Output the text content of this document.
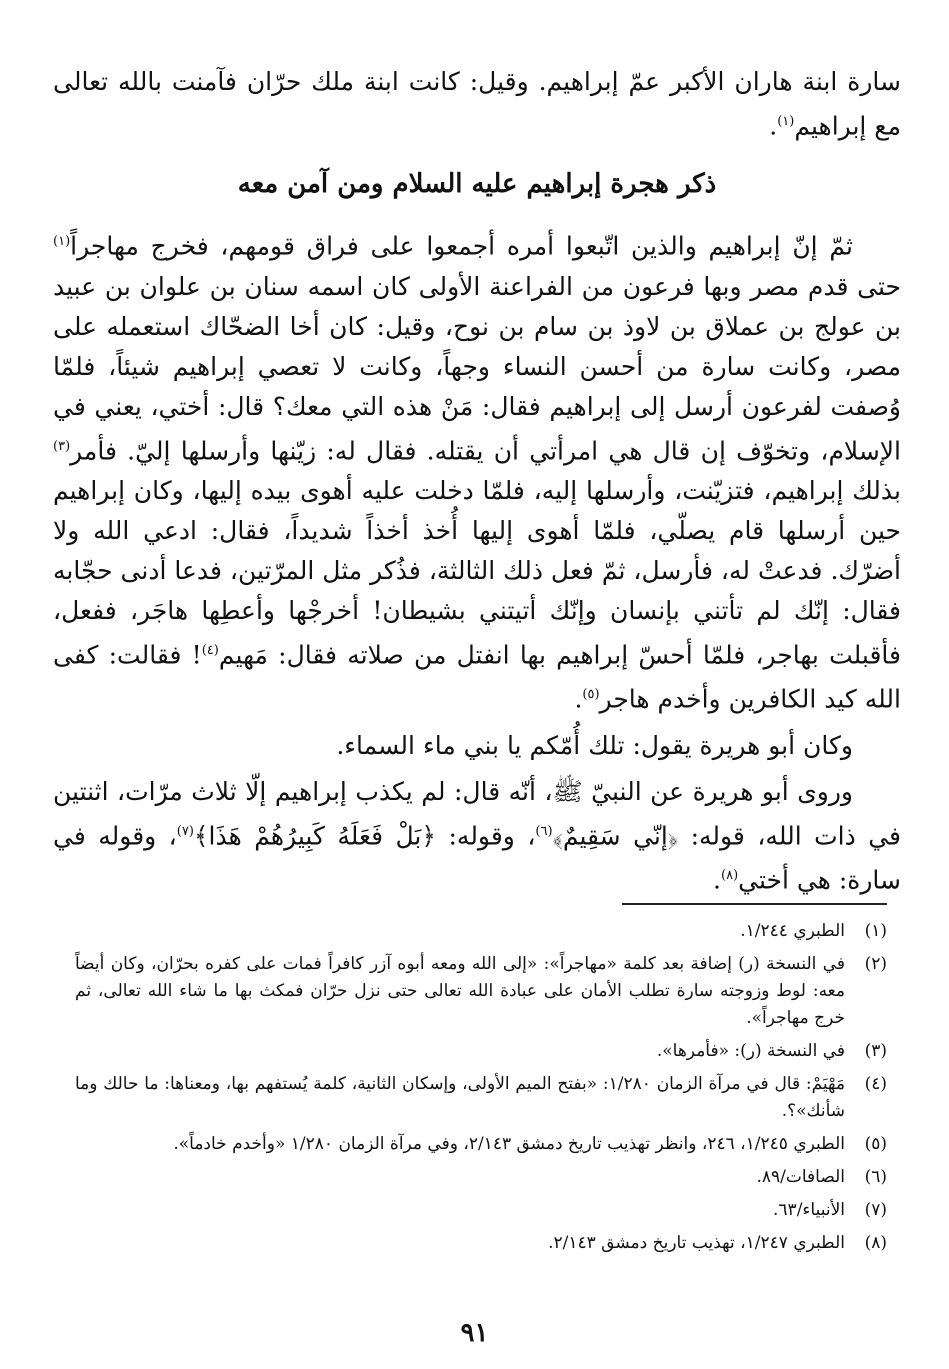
سارة ابنة هاران الأكبر عمّ إبراهيم. وقيل: كانت ابنة ملك حرّان فآمنت بالله تعالى مع إبراهيم$^{(١)}$.

ذكر هجرة إبراهيم عليه السلام ومن آمن معه

ثمّ إنّ إبراهيم والذين اتّبعوا أمره أجمعوا على فراق قومهم، فخرج مهاجراً$^{(١)}$ حتى قدم مصر وبها فرعون من الفراعنة الأولى كان اسمه سنان بن علوان بن عبيد بن عولج بن عملاق بن لاوذ بن سام بن نوح، وقيل: كان أخا الضحّاك استعمله على مصر، وكانت سارة من أحسن النساء وجهاً، وكانت لا تعصي إبراهيم شيئاً، فلمّا وُصفت لفرعون أرسل إلى إبراهيم فقال: مَنْ هذه التي معك؟ قال: أختي، يعني في الإسلام، وتخوّف إن قال هي امرأتي أن يقتله. فقال له: زيّنها وأرسلها إليّ. فأمر$^{(٣)}$ بذلك إبراهيم، فتزيّنت، وأرسلها إليه، فلمّا دخلت عليه أهوى بيده إليها، وكان إبراهيم حين أرسلها قام يصلّي، فلمّا أهوى إليها أُخذ أخذاً شديداً، فقال: ادعي الله ولا أضرّك. فدعتْ له، فأرسل، ثمّ فعل ذلك الثالثة، فذُكر مثل المرّتين، فدعا أدنى حجّابه فقال: إنّك لم تأتني بإنسان وإنّك أتيتني بشيطان! أخرجْها وأعطِها هاجَر، ففعل، فأقبلت بهاجر، فلمّا أحسّ إبراهيم بها انفتل من صلاته فقال: مَهيم$^{(٤)}$! فقالت: كفى الله كيد الكافرين وأخدم هاجر$^{(٥)}$.

وكان أبو هريرة يقول: تلك أُمّكم يا بني ماء السماء.

وروى أبو هريرة عن النبيّ ﷺ، أنّه قال: لم يكذب إبراهيم إلّا ثلاث مرّات، اثنتين في ذات الله، قوله: ﴿إنّي سَقِيمٌ﴾$^{(٦)}$، وقوله: ﴿بَلْ فَعَلَهُ كَبِيرُهُمْ هَذَا﴾$^{(٧)}$، وقوله في سارة: هي أختي$^{(٨)}$.

(١)
الطبري ١/٢٤٤.
(٢)
في النسخة (ر) إضافة بعد كلمة «مهاجراً»: «إلى الله ومعه أبوه آزر كافراً فمات على كفره بحرّان، وكان أيضاً معه: لوط وزوجته سارة تطلب الأمان على عبادة الله تعالى حتى نزل حرّان فمكث بها ما شاء الله تعالى، ثم خرج مهاجراً».
(٣)
في النسخة (ر): «فأمرها».
(٤)
مَهْيَمْ: قال في مرآة الزمان ١/٢٨٠: «بفتح الميم الأولى، وإسكان الثانية، كلمة يُستفهم بها، ومعناها: ما حالك وما شأنك»؟.
(٥)
الطبري ١/٢٤٥، ٢٤٦، وانظر تهذيب تاريخ دمشق ٢/١٤٣، وفي مرآة الزمان ١/٢٨٠ «وأخدم خادماً».
(٦)
الصافات/٨٩.
(٧)
الأنبياء/٦٣.
(٨)
الطبري ١/٢٤٧، تهذيب تاريخ دمشق ٢/١٤٣.
٩١
